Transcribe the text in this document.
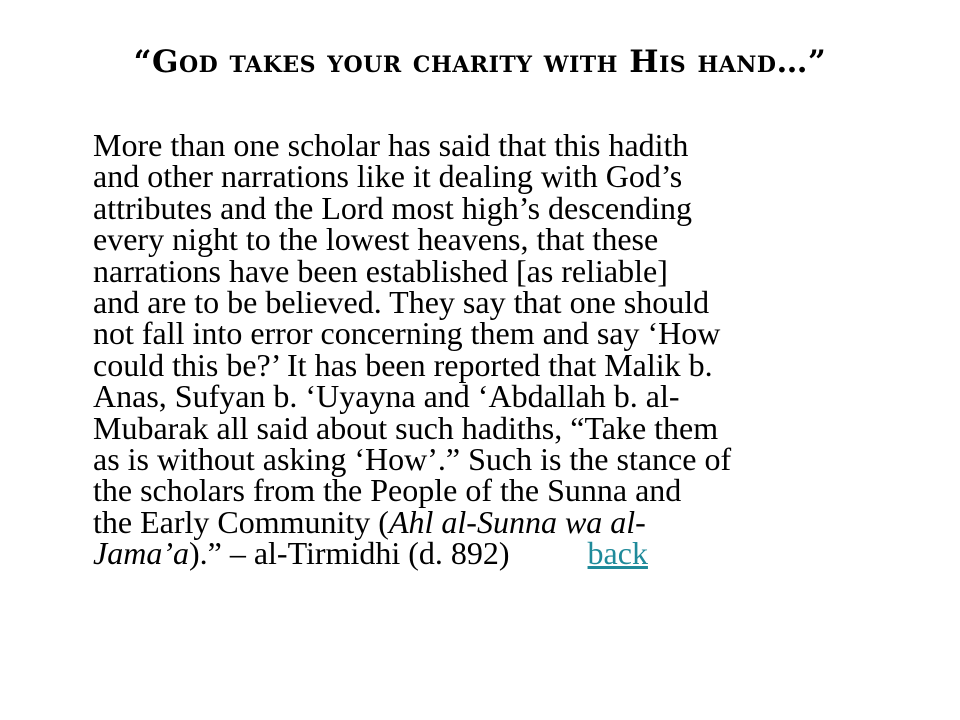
“God takes your charity with His hand…”
More than one scholar has said that this hadith
and other narrations like it dealing with God’s
attributes and the Lord most high’s descending
every night to the lowest heavens, that these
narrations have been established [as reliable]
and are to be believed. They say that one should
not fall into error concerning them and say ‘How
could this be?’ It has been reported that Malik b.
Anas, Sufyan b. ‘Uyayna and ‘Abdallah b. al-
Mubarak all said about such hadiths, “Take them
as is without asking ‘How’.” Such is the stance of
the scholars from the People of the Sunna and
the Early Community (Ahl al-Sunna wa al-
Jama’a).” – al-Tirmidhi (d. 892) back
